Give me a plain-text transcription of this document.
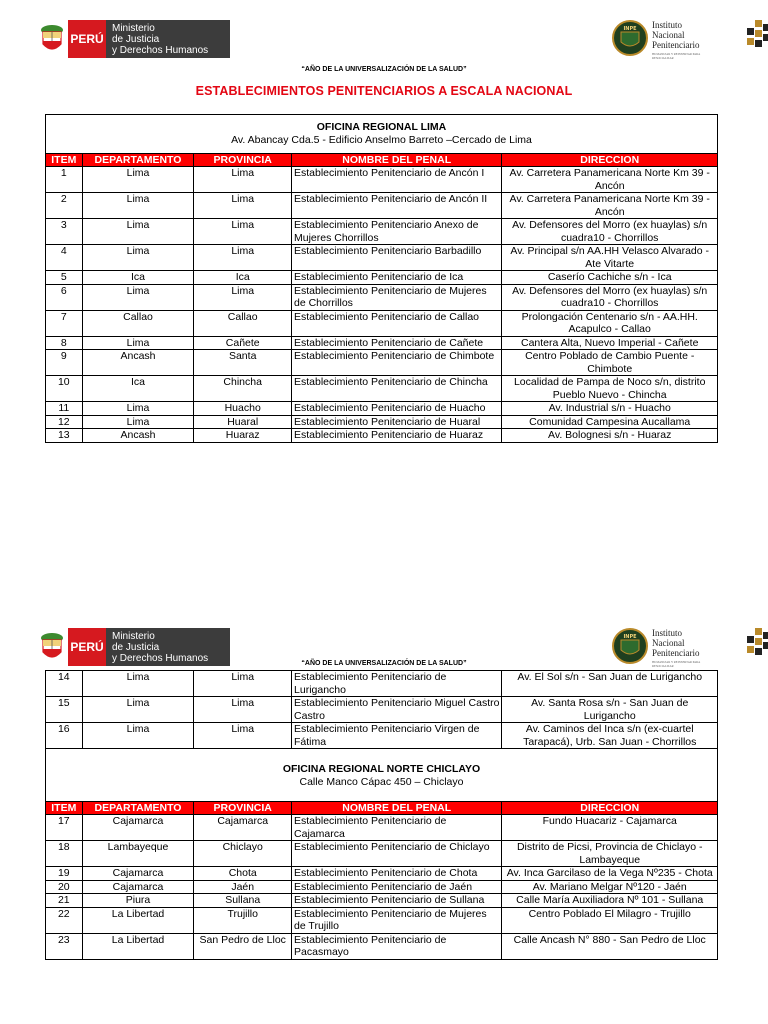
PERÚ
Ministerio
de Justicia
y Derechos Humanos
INPE Instituto
Nacional
Penitenciario
HUMANIZAR Y REINSERTAR PARA RESOCIALIZAR
“AÑO DE LA UNIVERSALIZACIÓN DE LA SALUD”
ESTABLECIMIENTOS PENITENCIARIOS A ESCALA NACIONAL
OFICINA REGIONAL LIMA
Av. Abancay Cda.5 - Edificio Anselmo Barreto –Cercado de Lima				

ITEM	DEPARTAMENTO	PROVINCIA	NOMBRE DEL PENAL	DIRECCION
1	Lima	Lima	Establecimiento Penitenciario de Ancón I	Av. Carretera Panamericana Norte Km 39 - Ancón
2	Lima	Lima	Establecimiento Penitenciario de Ancón II	Av. Carretera Panamericana Norte Km 39 - Ancón
3	Lima	Lima	Establecimiento Penitenciario Anexo de Mujeres Chorrillos	Av. Defensores del Morro (ex huaylas) s/n cuadra10 - Chorrillos
4	Lima	Lima	Establecimiento Penitenciario Barbadillo	Av. Principal s/n AA.HH Velasco Alvarado - Ate Vitarte
5	Ica	Ica	Establecimiento Penitenciario de Ica	Caserío Cachiche s/n - Ica
6	Lima	Lima	Establecimiento Penitenciario de Mujeres de Chorrillos	Av. Defensores del Morro (ex huaylas) s/n cuadra10 - Chorrillos
7	Callao	Callao	Establecimiento Penitenciario de Callao	Prolongación Centenario s/n - AA.HH. Acapulco - Callao
8	Lima	Cañete	Establecimiento Penitenciario de Cañete	Cantera Alta, Nuevo Imperial - Cañete
9	Ancash	Santa	Establecimiento Penitenciario de Chimbote	Centro Poblado de Cambio Puente - Chimbote
10	Ica	Chincha	Establecimiento Penitenciario de Chincha	Localidad de Pampa de Noco s/n, distrito Pueblo Nuevo - Chincha
11	Lima	Huacho	Establecimiento Penitenciario de Huacho	Av. Industrial s/n - Huacho
12	Lima	Huaral	Establecimiento Penitenciario de Huaral	Comunidad Campesina Aucallama
13	Ancash	Huaraz	Establecimiento Penitenciario de Huaraz	Av. Bolognesi s/n - Huaraz
PERÚ
Ministerio
de Justicia
y Derechos Humanos
INPE Instituto
Nacional
Penitenciario
HUMANIZAR Y REINSERTAR PARA RESOCIALIZAR
“AÑO DE LA UNIVERSALIZACIÓN DE LA SALUD”
14	Lima	Lima	Establecimiento Penitenciario de Lurigancho	Av. El Sol s/n - San Juan de Lurigancho
15	Lima	Lima	Establecimiento Penitenciario Miguel Castro Castro	Av. Santa Rosa s/n - San Juan de Lurigancho
16	Lima	Lima	Establecimiento Penitenciario Virgen de Fátima	Av. Caminos del Inca s/n (ex-cuartel Tarapacá), Urb. San Juan - Chorrillos

OFICINA REGIONAL NORTE CHICLAYO
Calle Manco Cápac 450 – Chiclayo				

ITEM	DEPARTAMENTO	PROVINCIA	NOMBRE DEL PENAL	DIRECCION
17	Cajamarca	Cajamarca	Establecimiento Penitenciario de Cajamarca	Fundo Huacariz - Cajamarca
18	Lambayeque	Chiclayo	Establecimiento Penitenciario de Chiclayo	Distrito de Picsi, Provincia de Chiclayo - Lambayeque
19	Cajamarca	Chota	Establecimiento Penitenciario de Chota	Av. Inca Garcilaso de la Vega Nº235 - Chota
20	Cajamarca	Jaén	Establecimiento Penitenciario de Jaén	Av. Mariano Melgar Nº120 - Jaén
21	Piura	Sullana	Establecimiento Penitenciario de Sullana	Calle María Auxiliadora Nº 101 - Sullana
22	La Libertad	Trujillo	Establecimiento Penitenciario de Mujeres de Trujillo	Centro Poblado El Milagro - Trujillo
23	La Libertad	San Pedro de Lloc	Establecimiento Penitenciario de Pacasmayo	Calle Ancash N° 880 - San Pedro de Lloc
